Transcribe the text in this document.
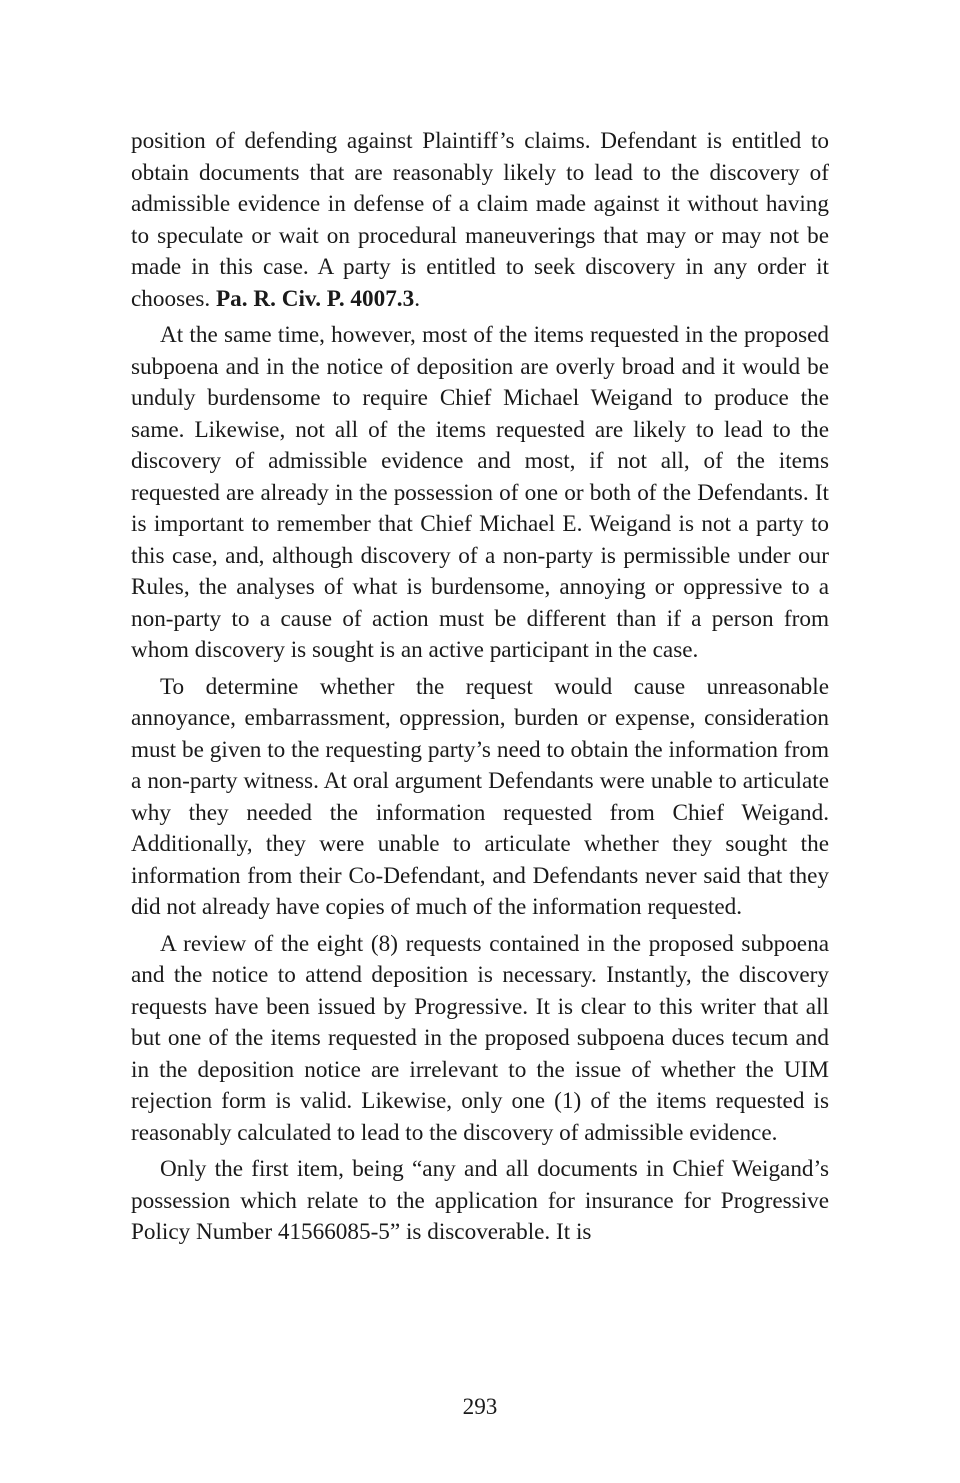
position of defending against Plaintiff’s claims. Defendant is entitled to obtain documents that are reasonably likely to lead to the discovery of admissible evidence in defense of a claim made against it without having to speculate or wait on procedural maneuverings that may or may not be made in this case. A party is entitled to seek discovery in any order it chooses. Pa. R. Civ. P. 4007.3.

At the same time, however, most of the items requested in the proposed subpoena and in the notice of deposition are overly broad and it would be unduly burdensome to require Chief Michael Weigand to produce the same. Likewise, not all of the items requested are likely to lead to the discovery of admissible evidence and most, if not all, of the items requested are already in the possession of one or both of the Defendants. It is important to remember that Chief Michael E. Weigand is not a party to this case, and, although discovery of a non-party is permissible under our Rules, the analyses of what is burdensome, annoying or oppressive to a non-party to a cause of action must be different than if a person from whom discovery is sought is an active participant in the case.

To determine whether the request would cause unreasonable annoyance, embarrassment, oppression, burden or expense, consideration must be given to the requesting party’s need to obtain the information from a non-party witness. At oral argument Defendants were unable to articulate why they needed the information requested from Chief Weigand. Additionally, they were unable to articulate whether they sought the information from their Co-Defendant, and Defendants never said that they did not already have copies of much of the information requested.

A review of the eight (8) requests contained in the proposed subpoena and the notice to attend deposition is necessary. Instantly, the discovery requests have been issued by Progressive. It is clear to this writer that all but one of the items requested in the proposed subpoena duces tecum and in the deposition notice are irrelevant to the issue of whether the UIM rejection form is valid. Likewise, only one (1) of the items requested is reasonably calculated to lead to the discovery of admissible evidence.

Only the first item, being “any and all documents in Chief Weigand’s possession which relate to the application for insurance for Progressive Policy Number 41566085-5” is discoverable. It is

293
